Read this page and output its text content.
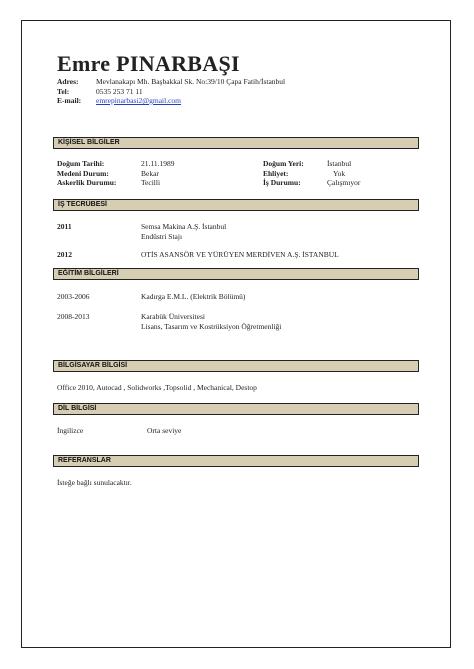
Emre PINARBAŞI
Adres:	Mevlanakapı Mh. Başbakkal Sk. No:39/10 Çapa Fatih/İstanbul
Tel:	0535 253 71 11
E-mail:	emrepinarbasi2@gmail.com
KİŞİSEL BİLGİLER
Doğum Tarihi:	21.11.1989	Doğum Yeri:	İstanbul
Medeni Durum:	Bekar	Ehliyet:	Yok
Askerlik Durumu:	Tecilli	İş Durumu:	Çalışmıyor
İŞ TECRÜBESİ
2011	Semsa Makina A.Ş. İstanbul
Endüstri Stajı
2012	OTİS ASANSÖR VE YÜRÜYEN MERDİVEN A.Ş. İSTANBUL
EĞİTİM BİLGİLERİ
2003-2006	Kadırga E.M.L. (Elektrik Bölümü)
2008-2013	Karabük Üniversitesi
Lisans, Tasarım ve Kostrüksiyon Öğretmenliği
BİLGİSAYAR BİLGİSİ
Office 2010, Autocad , Solidworks ,Topsolid , Mechanical, Destop
DİL BİLGİSİ
İngilizce	Orta seviye
REFERANSLAR
İsteğe bağlı sunulacaktır.
